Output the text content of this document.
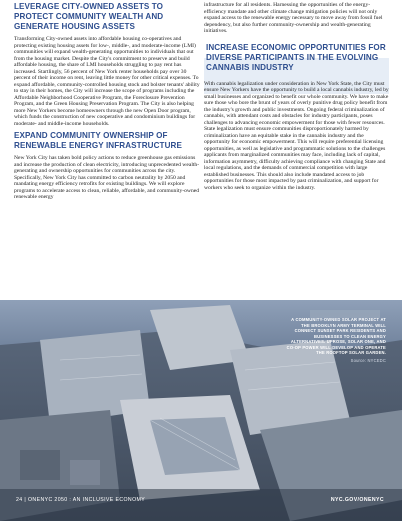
LEVERAGE CITY-OWNED ASSETS TO PROTECT COMMUNITY WEALTH AND GENERATE HOUSING ASSETS

Transforming City-owned assets into affordable housing co-operatives and protecting existing housing assets for low-, middle-, and moderate-income (LMI) communities will expand wealth-generating opportunities to individuals that out from the housing market. Despite the City's commitment to preserve and build affordable housing, the share of LMI households struggling to pay rent has increased. Startlingly, 56 percent of New York renter households pay over 30 percent of their income on rent, leaving little money for other critical expenses. To expand affordable, community-controlled housing stock and bolster tenants' ability to stay in their homes, the City will increase the scope of programs including the Affordable Neighborhood Cooperative Program, the Foreclosure Prevention Program, and the Green Housing Preservation Program. The City is also helping more New Yorkers become homeowners through the new Open Door program, which funds the construction of new cooperative and condominium buildings for moderate- and middle-income households.

EXPAND COMMUNITY OWNERSHIP OF RENEWABLE ENERGY INFRASTRUCTURE

New York City has taken bold policy actions to reduce greenhouse gas emissions and increase the production of clean electricity, introducing unprecedented wealth-generating and ownership opportunities for communities across the city. Specifically, New York City has committed to carbon neutrality by 2050 and mandating energy efficiency retrofits for existing buildings. We will explore programs to accelerate access to clean, reliable, affordable, and community-owned renewable energy

infrastructure for all residents. Harnessing the opportunities of the energy-efficiency mandate and other climate change mitigation policies will not only expand access to the renewable energy necessary to move away from fossil fuel dependency, but also further community-ownership and wealth-generating initiatives.

INCREASE ECONOMIC OPPORTUNITIES FOR DIVERSE PARTICIPANTS IN THE EVOLVING CANNABIS INDUSTRY

With cannabis legalization under consideration in New York State, the City must ensure New Yorkers have the opportunity to build a local cannabis industry, led by small businesses and organized to benefit our whole community. We have to make sure those who bore the brunt of years of overly punitive drug policy benefit from the industry's growth and public investments. Ongoing federal criminalization of cannabis, with attendant costs and obstacles for industry participants, poses challenges to advancing economic empowerment for those with fewer resources. State legalization must ensure communities disproportionately harmed by criminalization have an equitable stake in the cannabis industry and the opportunity for economic empowerment. This will require preferential licensing opportunities, as well as legislative and programmatic solutions to the challenges applicants from marginalized communities may face, including lack of capital, information asymmetry, difficulty achieving compliance with changing State and local regulations, and the demands of commercial competition with large established businesses. This should also include mandated access to job opportunities for those most impacted by past criminalization, and support for workers who seek to organize within the industry.

A COMMUNITY-OWNED SOLAR PROJECT AT THE BROOKLYN ARMY TERMINAL WILL CONNECT SUNSET PARK RESIDENTS AND BUSINESSES TO CLEAN ENERGY ALTERNATIVES. UPROSE, SOLAR ONE, AND CO-OP POWER WILL DEVELOP AND OPERATE THE ROOFTOP SOLAR GARDEN.
Source: NYCEDC
24 | ONENYC 2050 : AN INCLUSIVE ECONOMY	NYC.GOV/ONENYC
